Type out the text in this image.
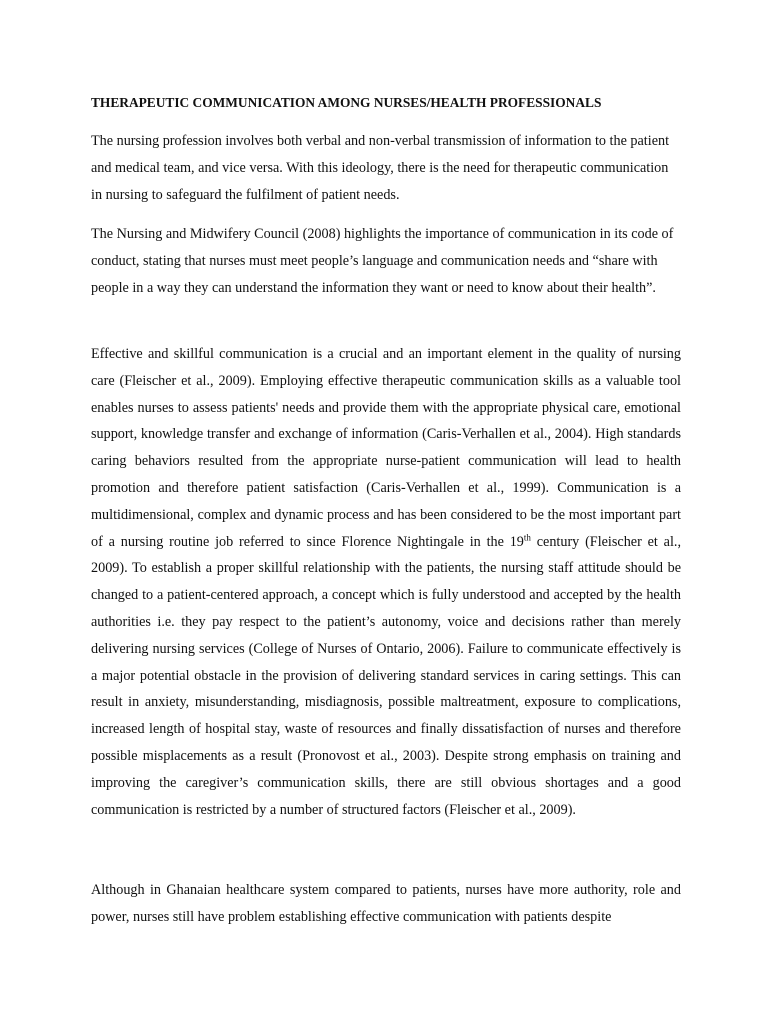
THERAPEUTIC COMMUNICATION AMONG NURSES/HEALTH PROFESSIONALS

The nursing profession involves both verbal and non-verbal transmission of information to the patient and medical team, and vice versa. With this ideology, there is the need for therapeutic communication in nursing to safeguard the fulfilment of patient needs.

The Nursing and Midwifery Council (2008) highlights the importance of communication in its code of conduct, stating that nurses must meet people’s language and communication needs and “share with people in a way they can understand the information they want or need to know about their health”.

Effective and skillful communication is a crucial and an important element in the quality of nursing care (Fleischer et al., 2009). Employing effective therapeutic communication skills as a valuable tool enables nurses to assess patients' needs and provide them with the appropriate physical care, emotional support, knowledge transfer and exchange of information (Caris-Verhallen et al., 2004). High standards caring behaviors resulted from the appropriate nurse-patient communication will lead to health promotion and therefore patient satisfaction (Caris-Verhallen et al., 1999). Communication is a multidimensional, complex and dynamic process and has been considered to be the most important part of a nursing routine job referred to since Florence Nightingale in the 19th century (Fleischer et al., 2009). To establish a proper skillful relationship with the patients, the nursing staff attitude should be changed to a patient-centered approach, a concept which is fully understood and accepted by the health authorities i.e. they pay respect to the patient’s autonomy, voice and decisions rather than merely delivering nursing services (College of Nurses of Ontario, 2006). Failure to communicate effectively is a major potential obstacle in the provision of delivering standard services in caring settings. This can result in anxiety, misunderstanding, misdiagnosis, possible maltreatment, exposure to complications, increased length of hospital stay, waste of resources and finally dissatisfaction of nurses and therefore possible misplacements as a result (Pronovost et al., 2003). Despite strong emphasis on training and improving the caregiver’s communication skills, there are still obvious shortages and a good communication is restricted by a number of structured factors (Fleischer et al., 2009).

Although in Ghanaian healthcare system compared to patients, nurses have more authority, role and power, nurses still have problem establishing effective communication with patients despite
